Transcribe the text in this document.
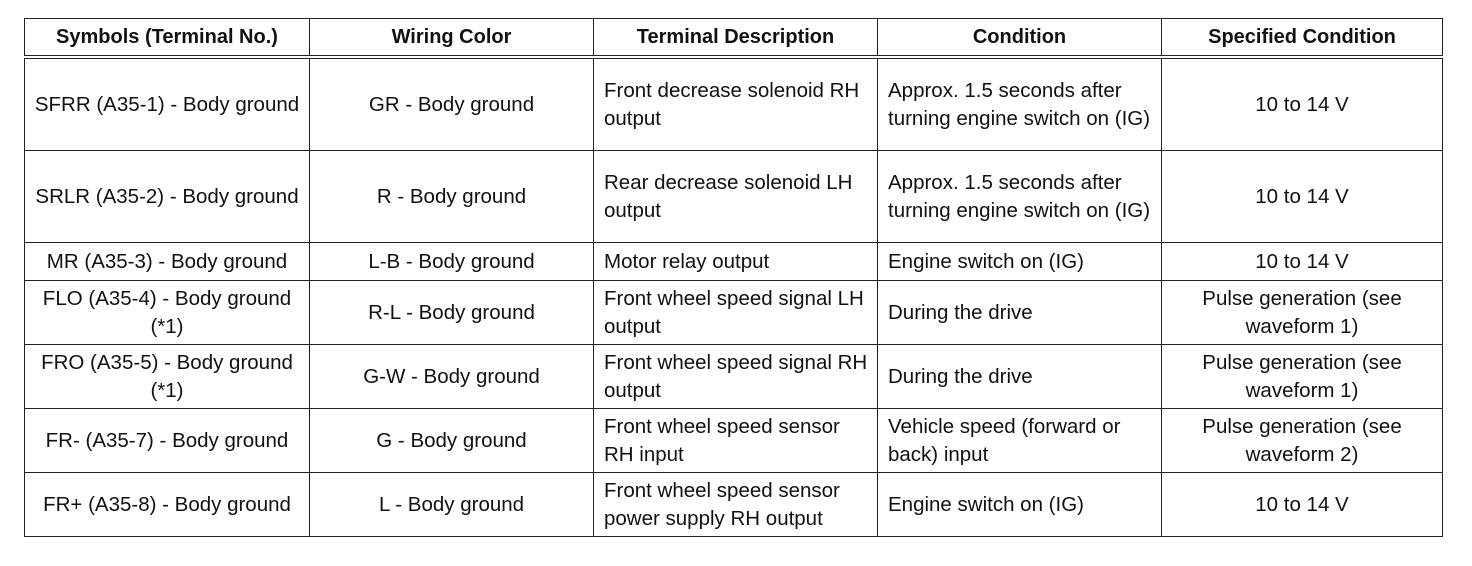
Symbols (Terminal No.)	Wiring Color	Terminal Description	Condition	Specified Condition
SFRR (A35-1) - Body ground	GR - Body ground	Front decrease solenoid RH output	Approx. 1.5 seconds after turning engine switch on (IG)	10 to 14 V
SRLR (A35-2) - Body ground	R - Body ground	Rear decrease solenoid LH output	Approx. 1.5 seconds after turning engine switch on (IG)	10 to 14 V
MR (A35-3) - Body ground	L-B - Body ground	Motor relay output	Engine switch on (IG)	10 to 14 V
FLO (A35-4) - Body ground (*1)	R-L - Body ground	Front wheel speed signal LH output	During the drive	Pulse generation (see waveform 1)
FRO (A35-5) - Body ground (*1)	G-W - Body ground	Front wheel speed signal RH output	During the drive	Pulse generation (see waveform 1)
FR- (A35-7) - Body ground	G - Body ground	Front wheel speed sensor RH input	Vehicle speed (forward or back) input	Pulse generation (see waveform 2)
FR+ (A35-8) - Body ground	L - Body ground	Front wheel speed sensor power supply RH output	Engine switch on (IG)	10 to 14 V
